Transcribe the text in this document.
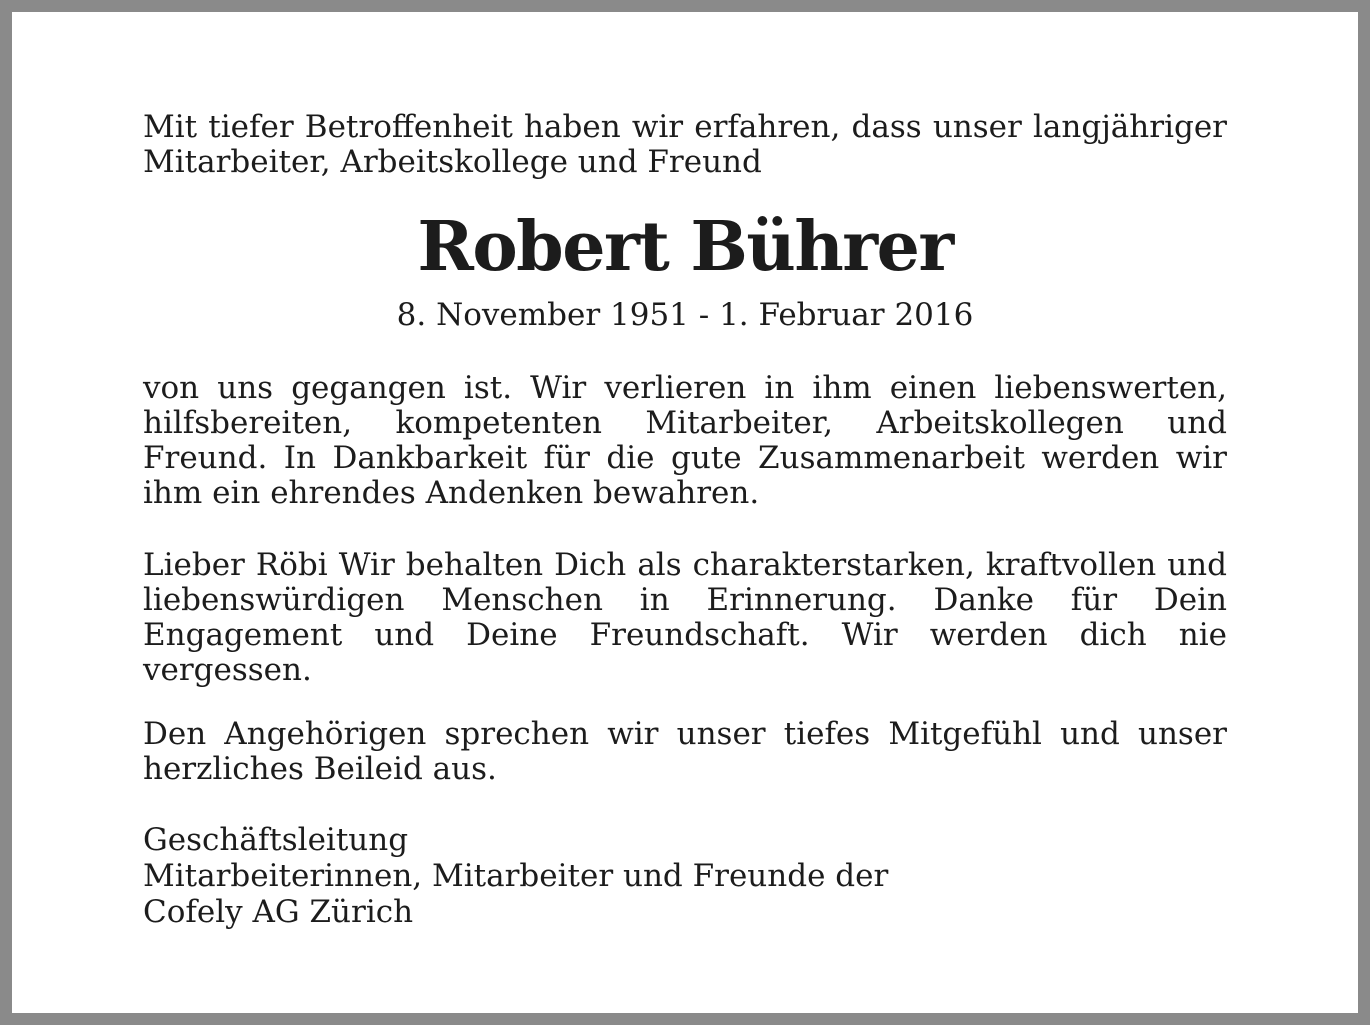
Mit tiefer Betroffenheit haben wir erfahren, dass unser langjähriger Mitarbeiter, Arbeitskollege und Freund

Robert Bührer

8. November 1951 - 1. Februar 2016

von uns gegangen ist. Wir verlieren in ihm einen liebenswerten, hilfsbereiten, kompetenten Mitarbeiter, Arbeitskollegen und Freund. In Dankbarkeit für die gute Zusammenarbeit werden wir ihm ein ehrendes Andenken bewahren.

Lieber Röbi Wir behalten Dich als charakterstarken, kraftvollen und liebenswürdigen Menschen in Erinnerung. Danke für Dein Engagement und Deine Freundschaft. Wir werden dich nie vergessen.

Den Angehörigen sprechen wir unser tiefes Mitgefühl und unser herzliches Beileid aus.

Geschäftsleitung
Mitarbeiterinnen, Mitarbeiter und Freunde der
Cofely AG Zürich
